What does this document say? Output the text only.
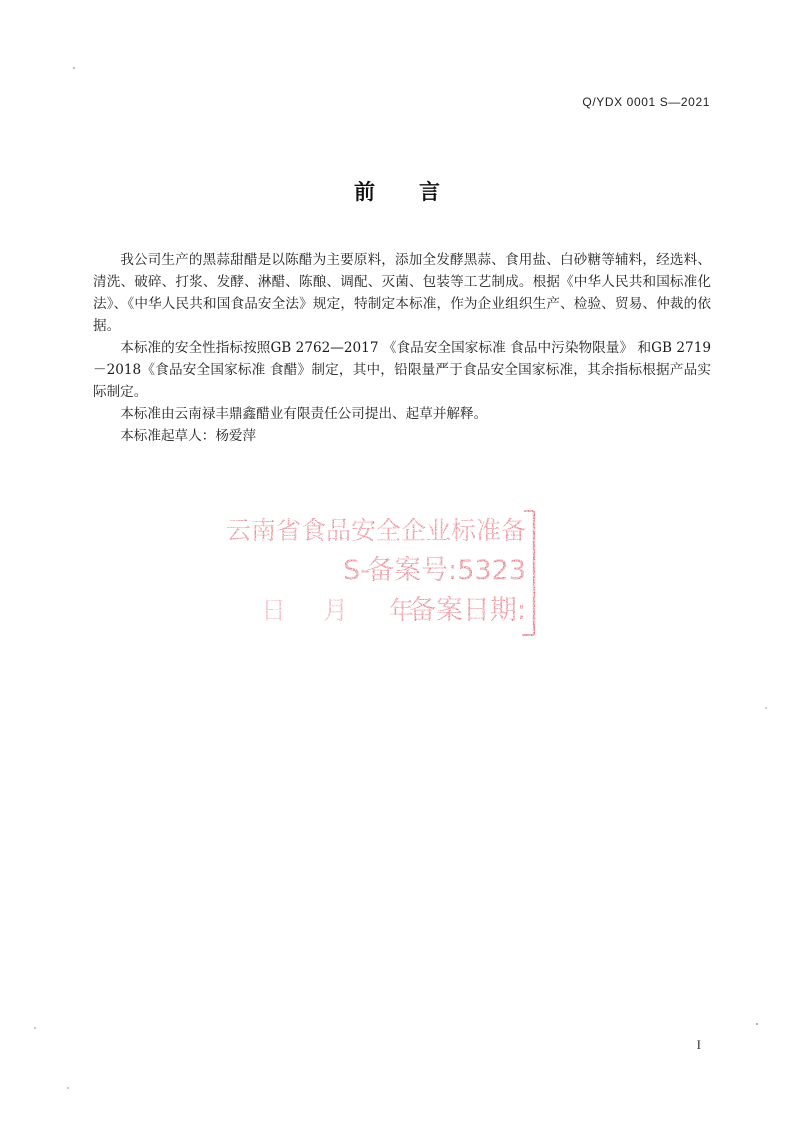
Q/YDX 0001 S—2021
前 言

我公司生产的黑蒜甜醋是以陈醋为主要原料，添加全发酵黑蒜、食用盐、白砂糖等辅料，经选料、清洗、破碎、打浆、发酵、淋醋、陈酿、调配、灭菌、包装等工艺制成。根据《中华人民共和国标准化法》、《中华人民共和国食品安全法》规定，特制定本标准，作为企业组织生产、检验、贸易、仲裁的依据。

本标准的安全性指标按照GB 2762—2017 《食品安全国家标准 食品中污染物限量》 和GB 2719－2018《食品安全国家标准 食醋》制定，其中，铅限量严于食品安全国家标准，其余指标根据产品实际制定。

本标准由云南禄丰鼎鑫醋业有限责任公司提出、起草并解释。

本标准起草人：杨爱萍

云南省食品安全企业标准备
备案号:5323
S-
备案日期:
年
月
日
I
